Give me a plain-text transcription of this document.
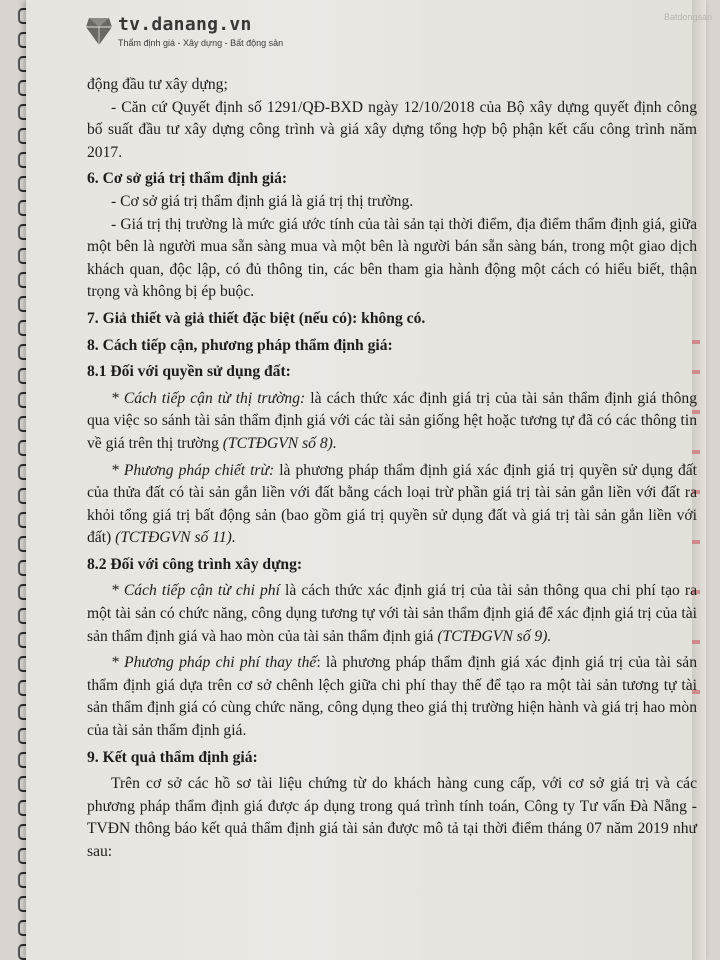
tv.danang.vn
Thẩm định giá - Xây dựng - Bất động sản
Batdongsan

động đầu tư xây dựng;

- Căn cứ Quyết định số 1291/QĐ-BXD ngày 12/10/2018 của Bộ xây dựng quyết định công bố suất đầu tư xây dựng công trình và giá xây dựng tổng hợp bộ phận kết cấu công trình năm 2017.

6. Cơ sở giá trị thẩm định giá:

- Cơ sở giá trị thẩm định giá là giá trị thị trường.

- Giá trị thị trường là mức giá ước tính của tài sản tại thời điểm, địa điểm thẩm định giá, giữa một bên là người mua sẵn sàng mua và một bên là người bán sẵn sàng bán, trong một giao dịch khách quan, độc lập, có đủ thông tin, các bên tham gia hành động một cách có hiểu biết, thận trọng và không bị ép buộc.

7. Giả thiết và giả thiết đặc biệt (nếu có): không có.

8. Cách tiếp cận, phương pháp thẩm định giá:

8.1 Đối với quyền sử dụng đất:

* Cách tiếp cận từ thị trường: là cách thức xác định giá trị của tài sản thẩm định giá thông qua việc so sánh tài sản thẩm định giá với các tài sản giống hệt hoặc tương tự đã có các thông tin về giá trên thị trường (TCTĐGVN số 8).

* Phương pháp chiết trừ: là phương pháp thẩm định giá xác định giá trị quyền sử dụng đất của thửa đất có tài sản gắn liền với đất bằng cách loại trừ phần giá trị tài sản gắn liền với đất ra khỏi tổng giá trị bất động sản (bao gồm giá trị quyền sử dụng đất và giá trị tài sản gắn liền với đất) (TCTĐGVN số 11).

8.2 Đối với công trình xây dựng:

* Cách tiếp cận từ chi phí là cách thức xác định giá trị của tài sản thông qua chi phí tạo ra một tài sản có chức năng, công dụng tương tự với tài sản thẩm định giá để xác định giá trị của tài sản thẩm định giá và hao mòn của tài sản thẩm định giá (TCTĐGVN số 9).

* Phương pháp chi phí thay thế: là phương pháp thẩm định giá xác định giá trị của tài sản thẩm định giá dựa trên cơ sở chênh lệch giữa chi phí thay thế để tạo ra một tài sản tương tự tài sản thẩm định giá có cùng chức năng, công dụng theo giá thị trường hiện hành và giá trị hao mòn của tài sản thẩm định giá.

9. Kết quả thẩm định giá:

Trên cơ sở các hồ sơ tài liệu chứng từ do khách hàng cung cấp, với cơ sở giá trị và các phương pháp thẩm định giá được áp dụng trong quá trình tính toán, Công ty Tư vấn Đà Nẵng - TVĐN thông báo kết quả thẩm định giá tài sản được mô tả tại thời điểm tháng 07 năm 2019 như sau:
